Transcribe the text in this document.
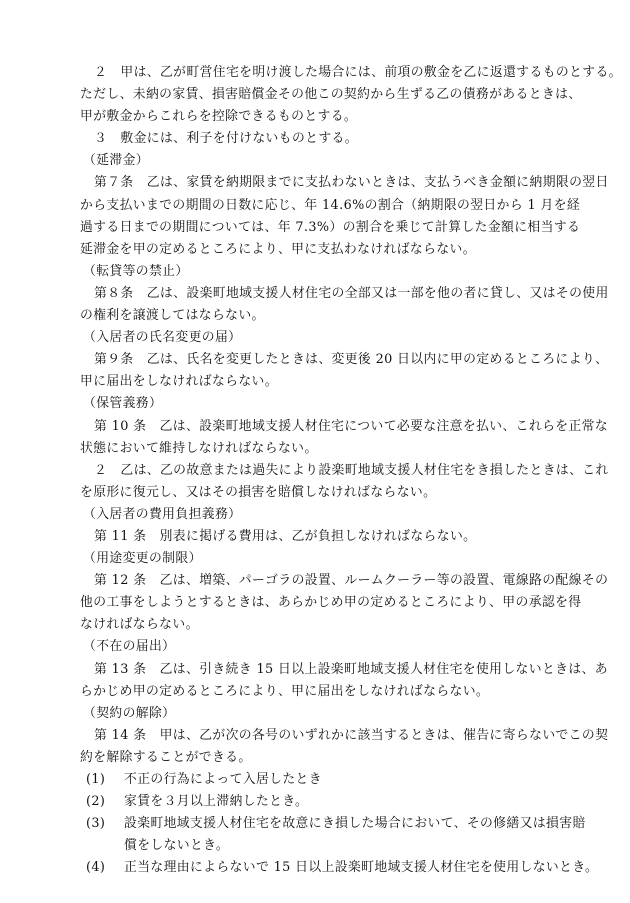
２　甲は、乙が町営住宅を明け渡した場合には、前項の敷金を乙に返還するものとする。
ただし、未納の家賃、損害賠償金その他この契約から生ずる乙の債務があるときは、
甲が敷金からこれらを控除できるものとする。
３　敷金には、利子を付けないものとする。
（延滞金）
第７条　乙は、家賃を納期限までに支払わないときは、支払うべき金額に納期限の翌日
から支払いまでの期間の日数に応じ、年 14.6%の割合（納期限の翌日から 1 月を経
過する日までの期間については、年 7.3%）の割合を乗じて計算した金額に相当する
延滞金を甲の定めるところにより、甲に支払わなければならない。
（転貸等の禁止）
第８条　乙は、設楽町地域支援人材住宅の全部又は一部を他の者に貸し、又はその使用
の権利を譲渡してはならない。
（入居者の氏名変更の届）
第９条　乙は、氏名を変更したときは、変更後 20 日以内に甲の定めるところにより、
甲に届出をしなければならない。
（保管義務）
第 10 条　乙は、設楽町地域支援人材住宅について必要な注意を払い、これらを正常な
状態において維持しなければならない。
２　乙は、乙の故意または過失により設楽町地域支援人材住宅をき損したときは、これ
を原形に復元し、又はその損害を賠償しなければならない。
（入居者の費用負担義務）
第 11 条　別表に掲げる費用は、乙が負担しなければならない。
（用途変更の制限）
第 12 条　乙は、増築、パーゴラの設置、ルームクーラー等の設置、電線路の配線その
他の工事をしようとするときは、あらかじめ甲の定めるところにより、甲の承認を得
なければならない。
（不在の届出）
第 13 条　乙は、引き続き 15 日以上設楽町地域支援人材住宅を使用しないときは、あ
らかじめ甲の定めるところにより、甲に届出をしなければならない。
（契約の解除）
第 14 条　甲は、乙が次の各号のいずれかに該当するときは、催告に寄らないでこの契
約を解除することができる。
(1) 不正の行為によって入居したとき
(2) 家賃を３月以上滞納したとき。
(3) 設楽町地域支援人材住宅を故意にき損した場合において、その修繕又は損害賠
償をしないとき。
(4) 正当な理由によらないで 15 日以上設楽町地域支援人材住宅を使用しないとき。
